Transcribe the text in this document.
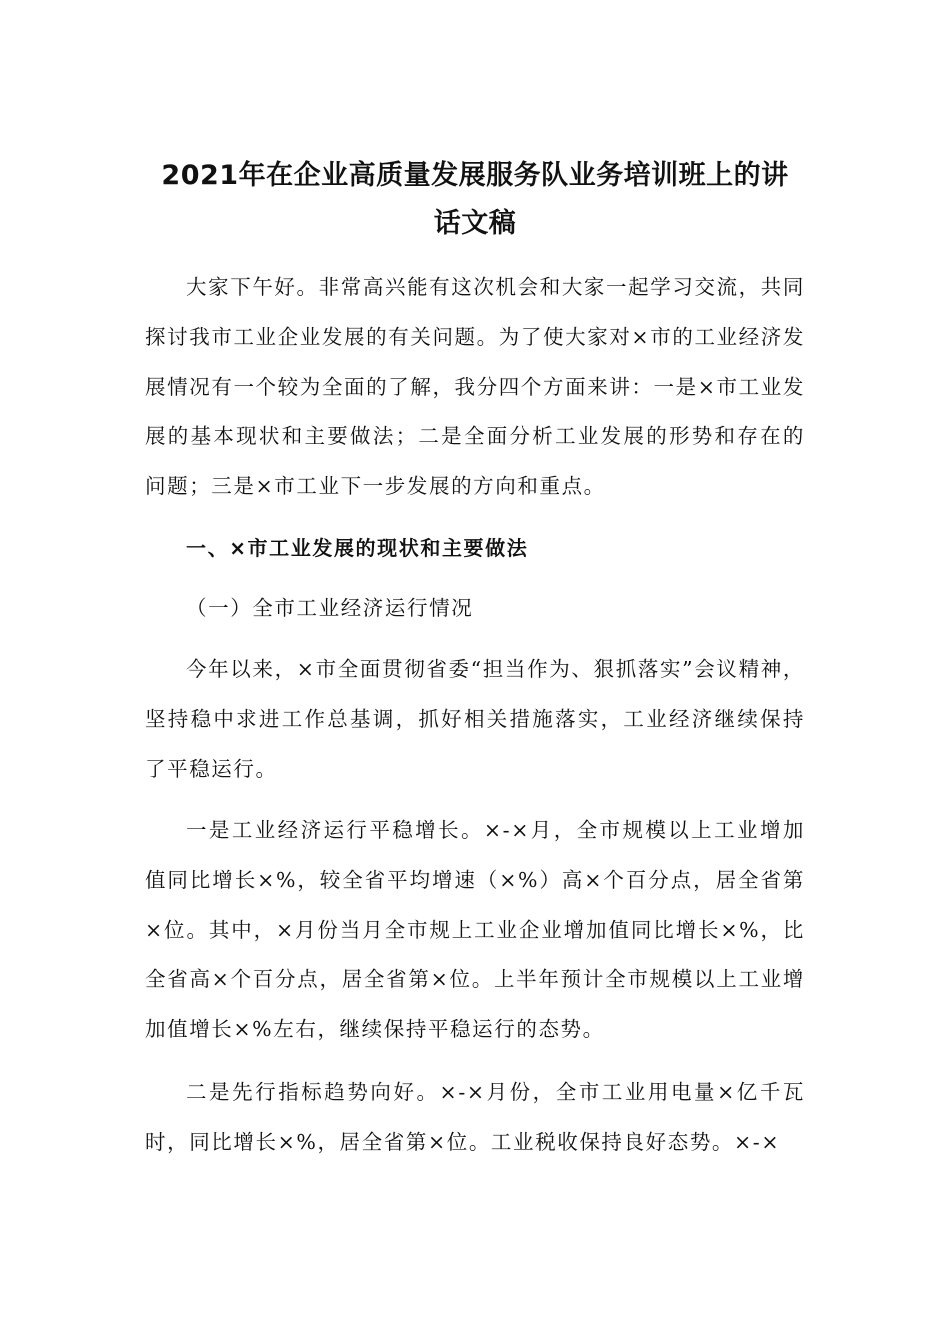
2021年在企业高质量发展服务队业务培训班上的讲
话文稿

大家下午好。非常高兴能有这次机会和大家一起学习交流，共同探讨我市工业企业发展的有关问题。为了使大家对×市的工业经济发展情况有一个较为全面的了解，我分四个方面来讲：一是×市工业发展的基本现状和主要做法；二是全面分析工业发展的形势和存在的问题；三是×市工业下一步发展的方向和重点。

一、×市工业发展的现状和主要做法

（一）全市工业经济运行情况

今年以来，×市全面贯彻省委“担当作为、狠抓落实”会议精神，坚持稳中求进工作总基调，抓好相关措施落实，工业经济继续保持了平稳运行。

一是工业经济运行平稳增长。×-×月，全市规模以上工业增加值同比增长×%，较全省平均增速（×%）高×个百分点，居全省第×位。其中，×月份当月全市规上工业企业增加值同比增长×%，比全省高×个百分点，居全省第×位。上半年预计全市规模以上工业增加值增长×%左右，继续保持平稳运行的态势。

二是先行指标趋势向好。×-×月份，全市工业用电量×亿千瓦时，同比增长×%，居全省第×位。工业税收保持良好态势。×-×
